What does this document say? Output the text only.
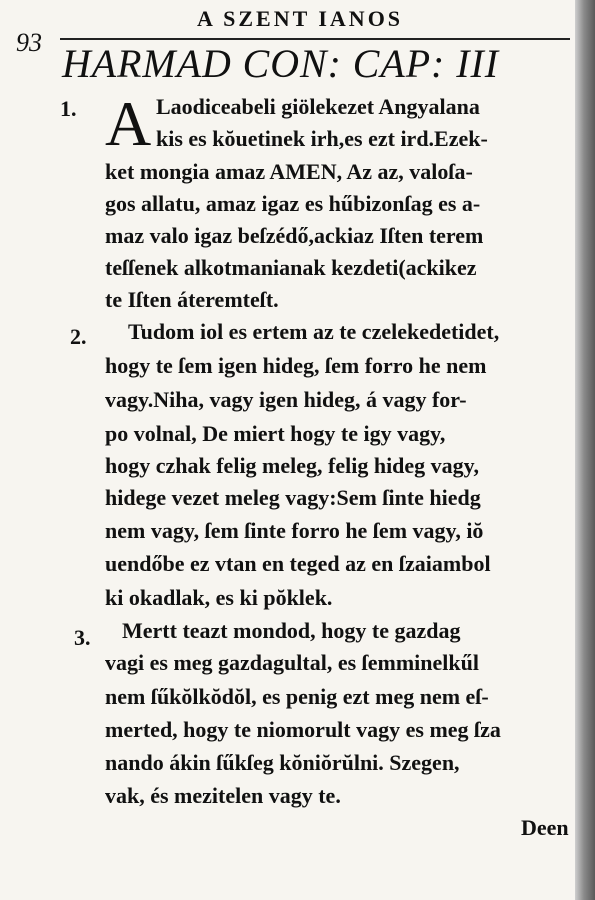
A SZENT IANOS
93 HARMAD CON: CAP: III
1. A Laodiceabeli giölekezet Angyalana
kis es kŏuetinek irh,es ezt ird.Ezek-
ket mongia amaz AMEN, Az az, valoſa-
gos allatu, amaz igaz es hűbizonſag es a-
maz valo igaz beſzédő,ackiaz Iſten terem
teſſenek alkotmanianak kezdeti(ackikez
te Iſten áteremteſt.
2. Tudom iol es ertem az te czelekedetidet,
hogy te ſem igen hideg, ſem forro he nem
vagy.Niha, vagy igen hideg, á vagy for-
po volnal, De miert hogy te igy vagy,
hogy czhak felig meleg, felig hideg vagy,
hidege vezet meleg vagy:Sem ſinte hiedg
nem vagy, ſem ſinte forro he ſem vagy, iŏ
uendőbe ez vtan en teged az en ſzaiambol
ki okadlak, es ki pŏklek.
3. Mertt teazt mondod, hogy te gazdag
vagi es meg gazdagultal, es ſemminelkűl
nem ſűkŏlkŏdŏl, es penig ezt meg nem eſ-
merted, hogy te niomorult vagy es meg ſza
nando ákin ſűkſeg kŏniŏrŭlni. Szegen,
vak, és mezitelen vagy te.
Deen
